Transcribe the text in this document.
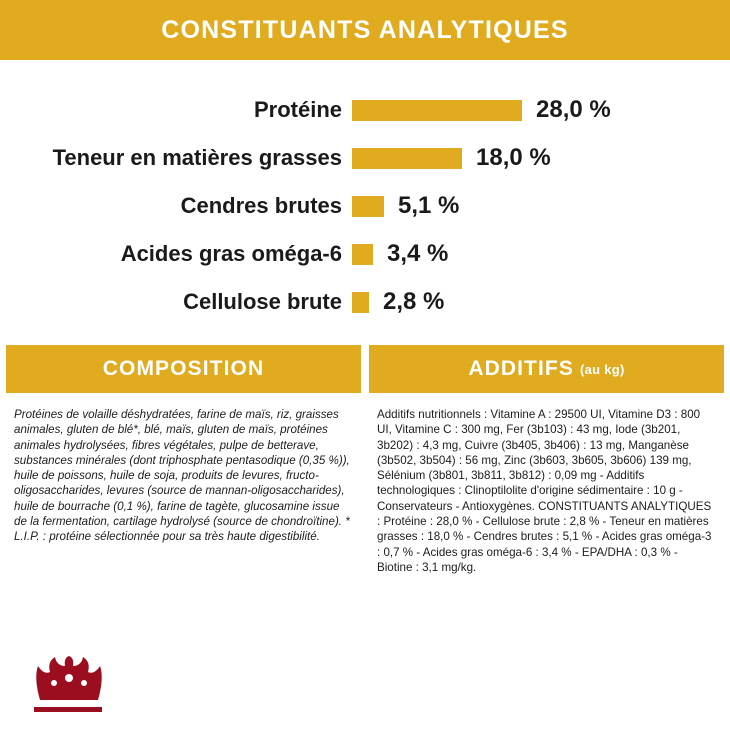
CONSTITUANTS ANALYTIQUES
Protéine	28,0 %
Teneur en matières grasses	18,0 %
Cendres brutes	5,1 %
Acides gras oméga-6	3,4 %
Cellulose brute	2,8 %
COMPOSITION
Protéines de volaille déshydratées, farine de maïs, riz, graisses animales, gluten de blé*, blé, maïs, gluten de maïs, protéines animales hydrolysées, fibres végétales, pulpe de betterave, substances minérales (dont triphosphate pentasodique (0,35 %)), huile de poissons, huile de soja, produits de levures, fructo-oligosaccharides, levures (source de mannan-oligosaccharides), huile de bourrache (0,1 %), farine de tagète, glucosamine issue de la fermentation, cartilage hydrolysé (source de chondroïtine). * L.I.P. : protéine sélectionnée pour sa très haute digestibilité.
ADDITIFS (au kg)
Additifs nutritionnels : Vitamine A : 29500 UI, Vitamine D3 : 800 UI, Vitamine C : 300 mg, Fer (3b103) : 43 mg, Iode (3b201, 3b202) : 4,3 mg, Cuivre (3b405, 3b406) : 13 mg, Manganèse (3b502, 3b504) : 56 mg, Zinc (3b603, 3b605, 3b606) 139 mg, Sélénium (3b801, 3b811, 3b812) : 0,09 mg - Additifs technologiques : Clinoptilolite d'origine sédimentaire : 10 g - Conservateurs - Antioxygènes. CONSTITUANTS ANALYTIQUES : Protéine : 28,0 % - Cellulose brute : 2,8 % - Teneur en matières grasses : 18,0 % - Cendres brutes : 5,1 % - Acides gras oméga-3 : 0,7 % - Acides gras oméga-6 : 3,4 % - EPA/DHA : 0,3 % - Biotine : 3,1 mg/kg.
